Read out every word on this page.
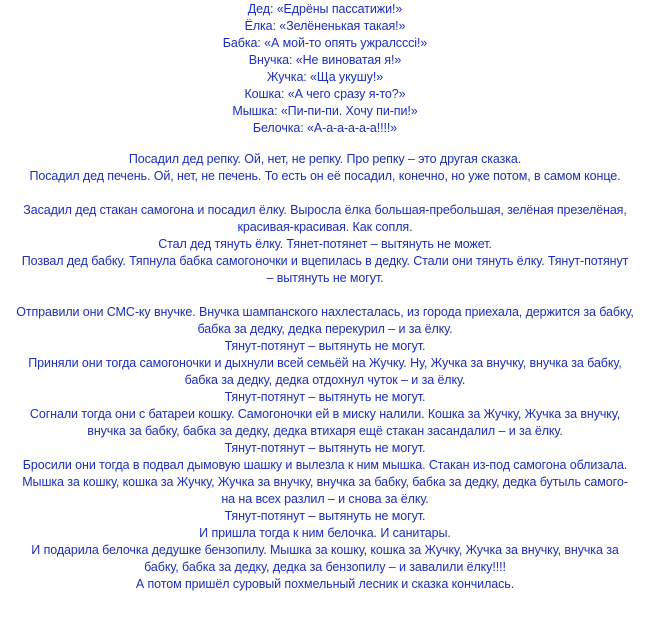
Дед: «Едрёны пассатижи!»
Ёлка: «Зелёненькая такая!»
Бабка: «А мой-то опять ужралсссі!»
Внучка: «Не виноватая я!»
Жучка: «Ща укушу!»
Кошка: «А чего сразу я-то?»
Мышка: «Пи-пи-пи. Хочу пи-пи!»
Белочка: «А-а-а-а-а-а!!!!»
Посадил дед репку. Ой, нет, не репку. Про репку – это другая сказка.
Посадил дед печень. Ой, нет, не печень. То есть он её посадил, конечно, но уже потом, в самом конце.
Засадил дед стакан самогона и посадил ёлку. Выросла ёлка большая-пребольшая, зелёная презелёная,
красивая-красивая. Как сопля.
Стал дед тянуть ёлку. Тянет-потянет – вытянуть не может.
Позвал дед бабку. Тяпнула бабка самогоночки и вцепилась в дедку. Стали они тянуть ёлку. Тянут-потянут
– вытянуть не могут.
Отправили они СМС-ку внучке. Внучка шампанского нахлесталась, из города приехала, держится за бабку,
бабка за дедку, дедка перекурил – и за ёлку.
Тянут-потянут – вытянуть не могут.
Приняли они тогда самогоночки и дыхнули всей семьёй на Жучку. Ну, Жучка за внучку, внучка за бабку,
бабка за дедку, дедка отдохнул чуток – и за ёлку.
Тянут-потянут – вытянуть не могут.
Согнали тогда они с батареи кошку. Самогоночки ей в миску налили. Кошка за Жучку, Жучка за внучку,
внучка за бабку, бабка за дедку, дедка втихаря ещё стакан засандалил – и за ёлку.
Тянут-потянут – вытянуть не могут.
Бросили они тогда в подвал дымовую шашку и вылезла к ним мышка. Стакан из-под самогона облизала.
Мышка за кошку, кошка за Жучку, Жучка за внучку, внучка за бабку, бабка за дедку, дедка бутыль самого-
на на всех разлил – и снова за ёлку.
Тянут-потянут – вытянуть не могут.
И пришла тогда к ним белочка. И санитары.
И подарила белочка дедушке бензопилу. Мышка за кошку, кошка за Жучку, Жучка за внучку, внучка за
бабку, бабка за дедку, дедка за бензопилу – и завалили ёлку!!!!
А потом пришёл суровый похмельный лесник и сказка кончилась.
